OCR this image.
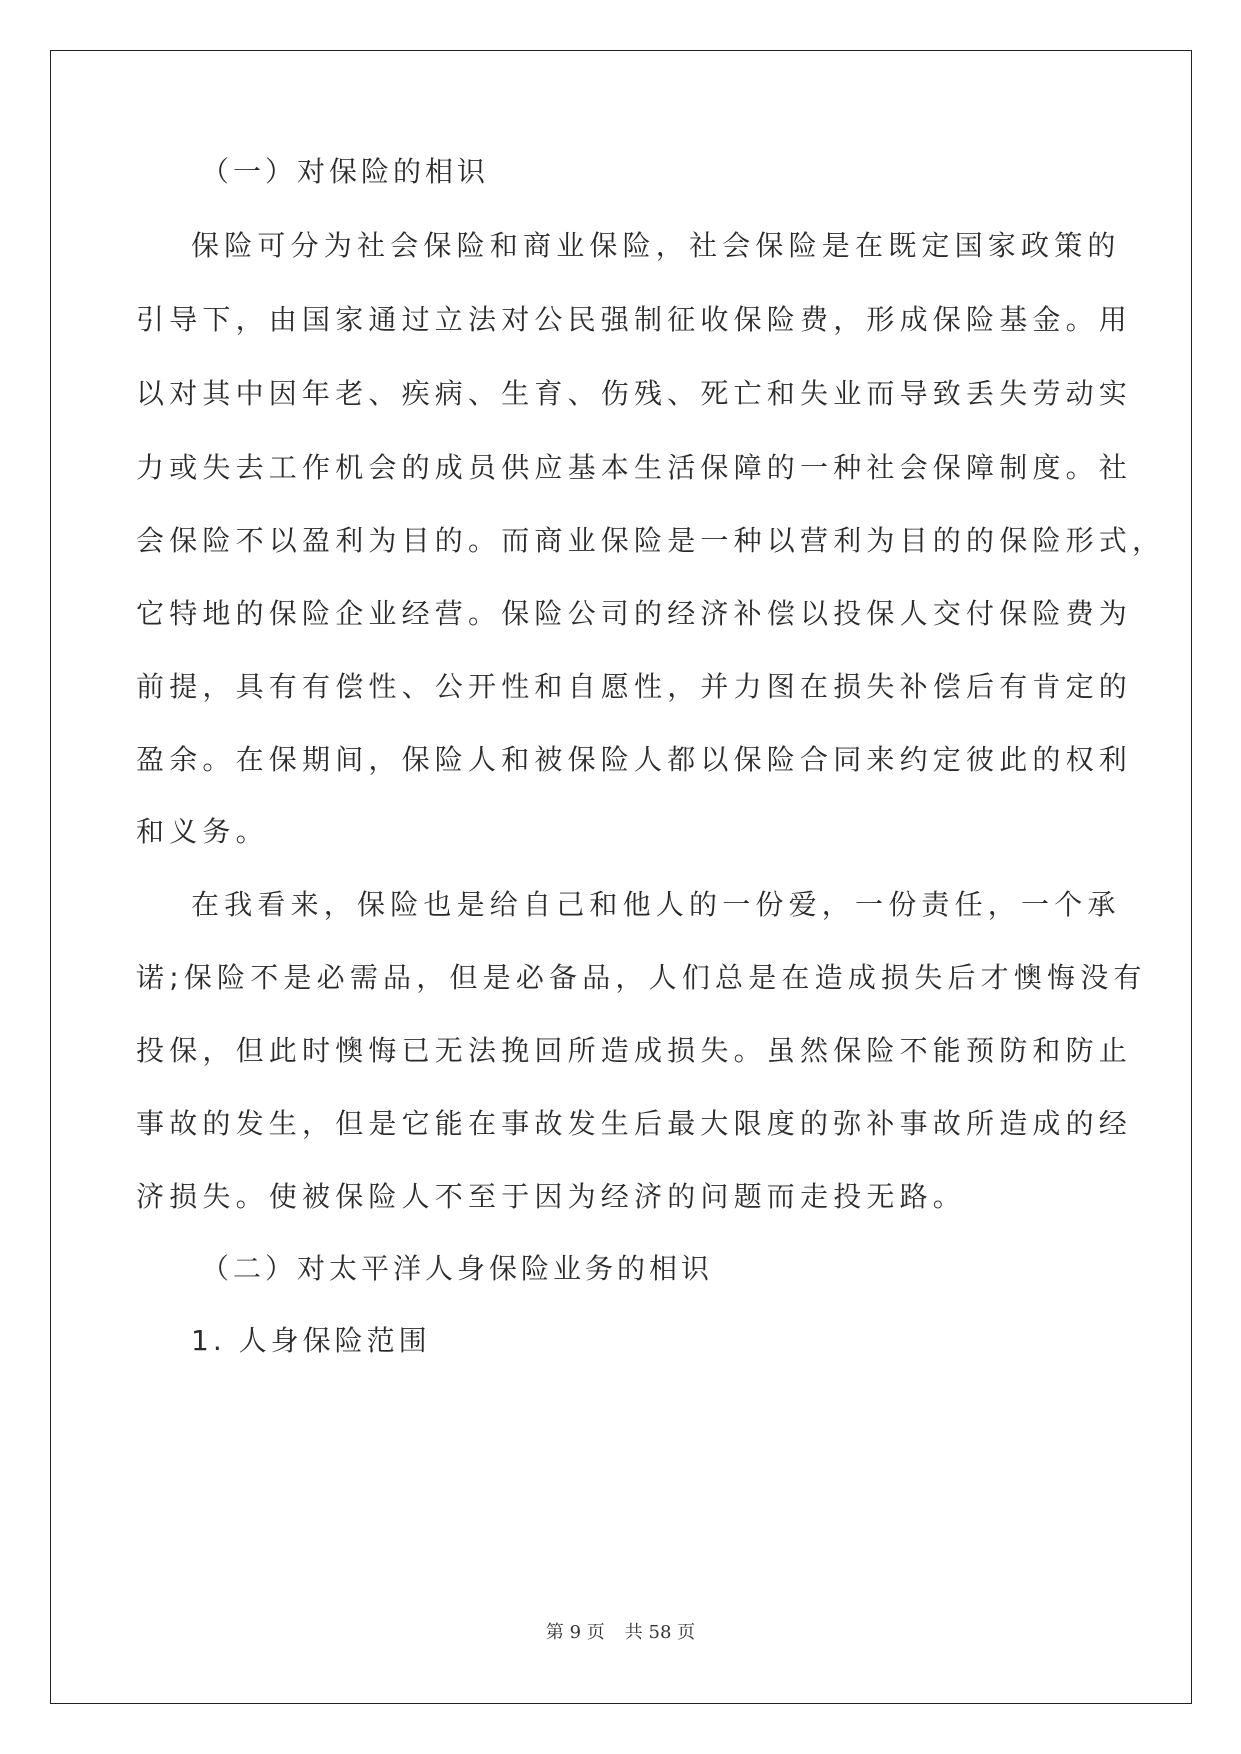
（一）对保险的相识

保险可分为社会保险和商业保险，社会保险是在既定国家政策的

引导下，由国家通过立法对公民强制征收保险费，形成保险基金。用

以对其中因年老、疾病、生育、伤残、死亡和失业而导致丢失劳动实

力或失去工作机会的成员供应基本生活保障的一种社会保障制度。社

会保险不以盈利为目的。而商业保险是一种以营利为目的的保险形式，

它特地的保险企业经营。保险公司的经济补偿以投保人交付保险费为

前提，具有有偿性、公开性和自愿性，并力图在损失补偿后有肯定的

盈余。在保期间，保险人和被保险人都以保险合同来约定彼此的权利

和义务。

在我看来，保险也是给自己和他人的一份爱，一份责任，一个承

诺;保险不是必需品，但是必备品，人们总是在造成损失后才懊悔没有

投保，但此时懊悔已无法挽回所造成损失。虽然保险不能预防和防止

事故的发生，但是它能在事故发生后最大限度的弥补事故所造成的经

济损失。使被保险人不至于因为经济的问题而走投无路。

（二）对太平洋人身保险业务的相识

1. 人身保险范围

第 9 页 共 58 页
